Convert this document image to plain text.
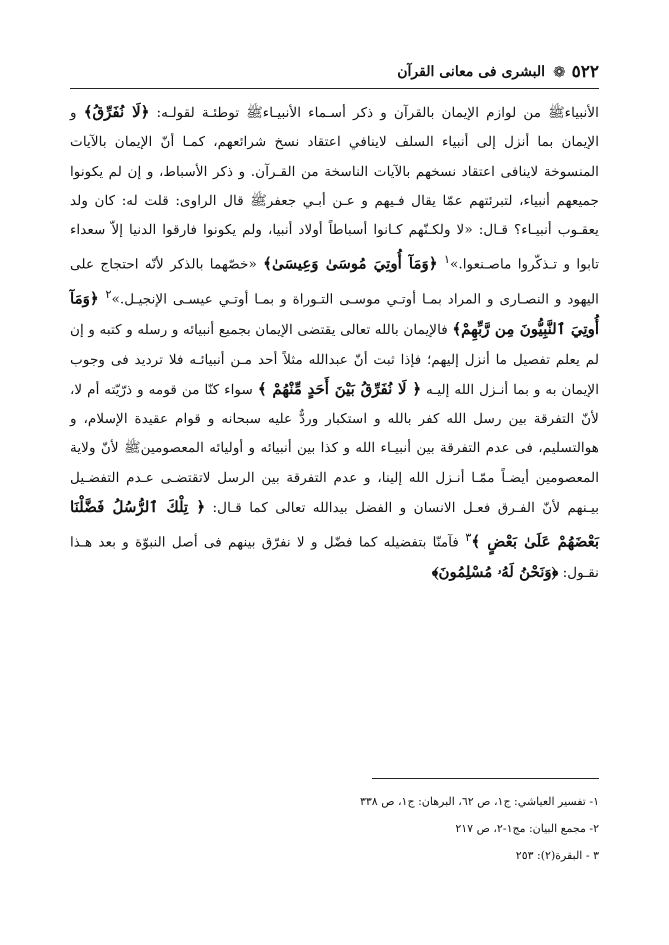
٥٢٢
❁
البشرى فی معانی القرآن

الأنبياءﷺ من لوازم الإیمان بالقرآن و ذکر أسـماء الأنبیـاءﷺ توطئـة لقولـه: ﴿لَا نُفَرِّقُ﴾ و الإیمان بما أنزل إلى أنبياء السلف لاينافي اعتقاد نسخ شرائعهم، كمـا أنّ الإیمان بالآيات المنسوخة لاينافى اعتقاد نسخهم بالآيات الناسخة من القـرآن. و ذكر الأسباط، و إن لم يكونوا جميعهم أنبياء، لتبرئتهم عمّا يقال فـيهم و عـن أبـي جعفرﷺ قال الراوى: قلت له: كان ولد يعقـوب أنبيـاء؟ قـال: «لا ولكـنّهم كـانوا أسباطاً أولاد أنبيا، ولم يكونوا فارقوا الدنيا إلاّ سعداء تابوا و تـذكّروا ماصـنعوا.»$^١$ ﴿وَمَآ أُوتِيَ مُوسَىٰ وَعِيسَىٰ﴾ «خصّهما بالذكر لأنّه احتجاج على اليهود و النصـارى و المراد بمـا أوتـي موسـى التـوراة و بمـا أوتـي عيسـى الإنجيـل.»$^٢$ ﴿وَمَآ أُوتِيَ ٱلنَّبِيُّونَ مِن رَّبِّهِمْ﴾ فالإیمان بالله تعالى يقتضى الإيمان بجميع أنبيائه و رسله و كتبه و إن لم يعلم تفصيل ما أنزل إليهم؛ فإذا ثبت أنّ عبدالله مثلاً أحد مـن أنبيائـه فلا ترديد فى وجوب الإيمان به و بما أنـزل الله إليـه ﴿ لَا نُفَرِّقُ بَيْنَ أَحَدٍ مِّنْهُمْ ﴾ سواء كنّا من قومه و ذرّيّته أم لا، لأنّ التفرقة بين رسل الله كفر بالله و استكبار وردٌّ عليه سبحانه و قوام عقيدة الإسلام، و هوالتسليم، فی عدم التفرقة بین أنبیـاء الله و كذا بين أنبيائه و أوليائه المعصومينﷺ لأنّ ولاية المعصومين أيضـاً ممّـا أنـزل الله إلينا، و عدم التفرقة بين الرسل لاتقتضـى عـدم التفضـيل بيـنهم لأنّ الفـرق فعـل الانسان و الفضل بيدالله تعالى كما قـال: ﴿ تِلْكَ ٱلرُّسُلُ فَضَّلْنَا بَعْضَهُمْ عَلَىٰ بَعْضٍ ﴾$^٣$ فآمنّا بتفضيله كما فضّل و لا نفرّق بينهم فى أصل النبوّة و بعد هـذا نقـول: ﴿وَنَحْنُ لَهُۥ مُسْلِمُونَ﴾

١- تفسير العياشي: ج١، ص ٦٢، البرهان: ج١، ص ٣٣٨
٢- مجمع البيان: مج١-٢، ص ٢١٧
٣ - البقرة(٢): ٢٥٣
